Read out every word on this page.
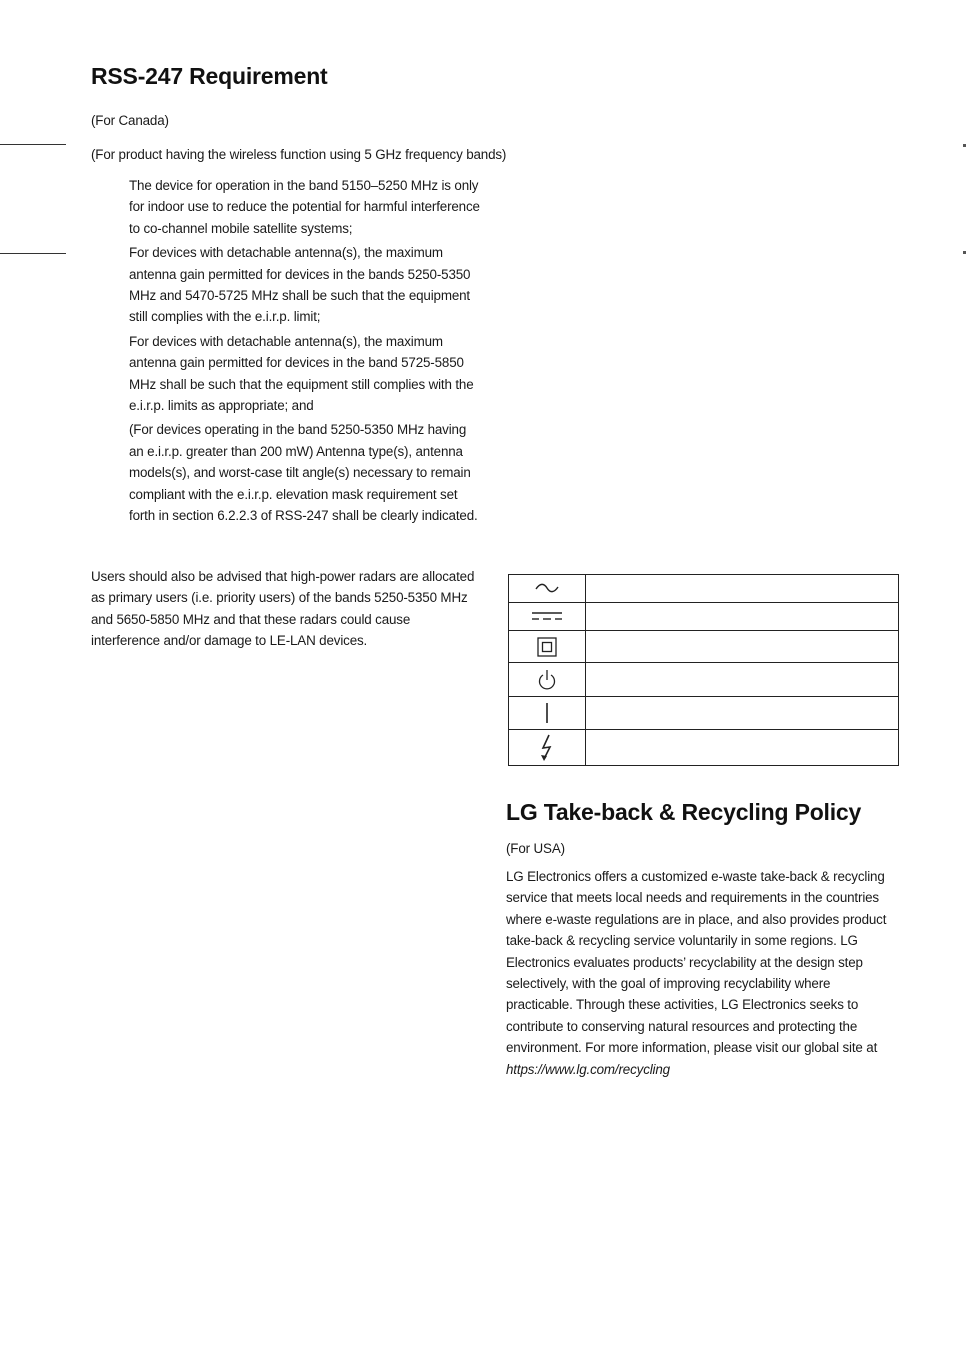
RSS-247 Requirement

(For Canada)

(For product having the wireless function using 5 GHz frequency bands)

The device for operation in the band 5150–5250 MHz is only for indoor use to reduce the potential for harmful interference to co-channel mobile satellite systems;
For devices with detachable antenna(s), the maximum antenna gain permitted for devices in the bands 5250-5350 MHz and 5470-5725 MHz shall be such that the equipment still complies with the e.i.r.p. limit;
For devices with detachable antenna(s), the maximum antenna gain permitted for devices in the band 5725-5850 MHz shall be such that the equipment still complies with the e.i.r.p. limits as appropriate; and
(For devices operating in the band 5250-5350 MHz having an e.i.r.p. greater than 200 mW) Antenna type(s), antenna models(s), and worst-case tilt angle(s) necessary to remain compliant with the e.i.r.p. elevation mask requirement set forth in section 6.2.2.3 of RSS-247 shall be clearly indicated.

Users should also be advised that high-power radars are allocated as primary users (i.e. priority users) of the bands 5250-5350 MHz and 5650-5850 MHz and that these radars could cause interference and/or damage to LE-LAN devices.

LG Take-back & Recycling Policy

(For USA)

LG Electronics offers a customized e-waste take-back & recycling service that meets local needs and requirements in the countries where e-waste regulations are in place, and also provides product take-back & recycling service voluntarily in some regions. LG Electronics evaluates products’ recyclability at the design step selectively, with the goal of improving recyclability where practicable. Through these activities, LG Electronics seeks to contribute to conserving natural resources and protecting the environment. For more information, please visit our global site at https://www.lg.com/recycling
